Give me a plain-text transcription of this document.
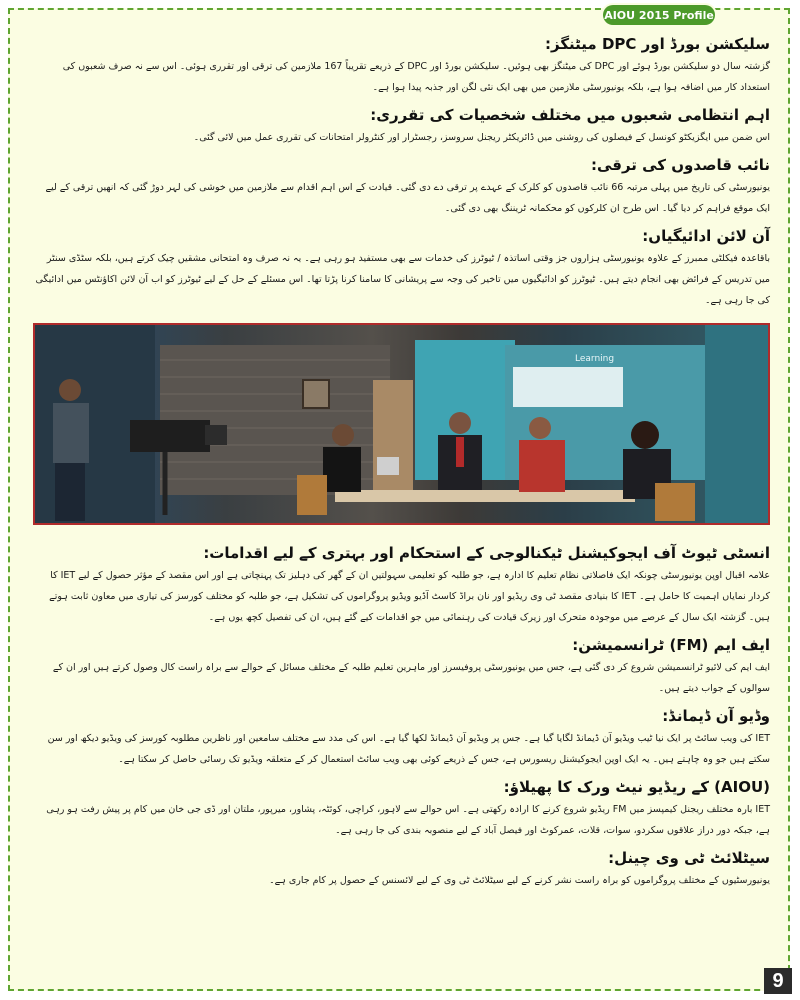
AIOU 2015 Profile
سلیکشن بورڈ اور DPC میٹنگز:

گزشتہ سال دو سلیکشن بورڈ ہوئے اور DPC کی میٹنگز بھی ہوئیں۔ سلیکشن بورڈ اور DPC کے ذریعے تقریباً 167 ملازمین کی ترقی اور تقرری ہوئی۔ اس سے نہ صرف شعبوں کی استعداد کار میں اضافہ ہوا ہے، بلکہ یونیورسٹی ملازمین میں بھی ایک نئی لگن اور جذبہ پیدا ہوا ہے۔

اہم انتظامی شعبوں میں مختلف شخصیات کی تقرری:

اس ضمن میں ایگزیکٹو کونسل کے فیصلوں کی روشنی میں ڈائریکٹر ریجنل سروسز، رجسٹرار اور کنٹرولر امتحانات کی تقرری عمل میں لائی گئی۔

نائب قاصدوں کی ترقی:

یونیورسٹی کی تاریخ میں پہلی مرتبہ 66 نائب قاصدوں کو کلرک کے عہدے پر ترقی دے دی گئی۔ قیادت کے اس اہم اقدام سے ملازمین میں خوشی کی لہر دوڑ گئی کہ انھیں ترقی کے لیے ایک موقع فراہم کر دیا گیا۔ اس طرح ان کلرکوں کو محکمانہ ٹریننگ بھی دی گئی۔

آن لائن ادائیگیاں:

باقاعدہ فیکلٹی ممبرز کے علاوہ یونیورسٹی ہزاروں جز وقتی اساتذہ / ٹیوٹرز کی خدمات سے بھی مستفید ہو رہی ہے۔ یہ نہ صرف وہ امتحانی مشقیں چیک کرتے ہیں، بلکہ سٹڈی سنٹر میں تدریس کے فرائض بھی انجام دیتے ہیں۔ ٹیوٹرز کو ادائیگیوں میں تاخیر کی وجہ سے پریشانی کا سامنا کرنا پڑتا تھا۔ اس مسئلے کے حل کے لیے ٹیوٹرز کو اب آن لائن اکاؤنٹس میں ادائیگی کی جا رہی ہے۔

Learning
انسٹی ٹیوٹ آف ایجوکیشنل ٹیکنالوجی کے استحکام اور بہتری کے لیے اقدامات:

علامہ اقبال اوپن یونیورسٹی چونکہ ایک فاصلاتی نظام تعلیم کا ادارہ ہے، جو طلبہ کو تعلیمی سہولتیں ان کے گھر کی دہلیز تک پہنچاتی ہے اور اس مقصد کے مؤثر حصول کے لیے IET کا کردار نمایاں اہمیت کا حامل ہے۔ IET کا بنیادی مقصد ٹی وی ریڈیو اور نان براڈ کاسٹ آڈیو ویڈیو پروگراموں کی تشکیل ہے، جو طلبہ کو مختلف کورسز کی تیاری میں معاون ثابت ہوتے ہیں۔ گزشتہ ایک سال کے عرصے میں موجودہ متحرک اور زیرک قیادت کی رہنمائی میں جو اقدامات کیے گئے ہیں، ان کی تفصیل کچھ یوں ہے۔

ایف ایم (FM) ٹرانسمیشن:

ایف ایم کی لائیو ٹرانسمیشن شروع کر دی گئی ہے، جس میں یونیورسٹی پروفیسرز اور ماہرین تعلیم طلبہ کے مختلف مسائل کے حوالے سے براہ راست کال وصول کرتے ہیں اور ان کے سوالوں کے جواب دیتے ہیں۔

وڈیو آن ڈیمانڈ:

IET کی ویب سائٹ پر ایک نیا ٹیب ویڈیو آن ڈیمانڈ لگایا گیا ہے۔ جس پر ویڈیو آن ڈیمانڈ لکھا گیا ہے۔ اس کی مدد سے مختلف سامعین اور ناظرین مطلوبہ کورسز کی ویڈیو دیکھ اور سن سکتے ہیں جو وہ چاہتے ہیں۔ یہ ایک اوپن ایجوکیشنل ریسورس ہے، جس کے ذریعے کوئی بھی ویب سائٹ استعمال کر کے متعلقہ ویڈیو تک رسائی حاصل کر سکتا ہے۔

(AIOU) کے ریڈیو نیٹ ورک کا پھیلاؤ:

IET بارہ مختلف ریجنل کیمپسز میں FM ریڈیو شروع کرنے کا ارادہ رکھتی ہے۔ اس حوالے سے لاہور، کراچی، کوئٹہ، پشاور، میرپور، ملتان اور ڈی جی خان میں کام پر پیش رفت ہو رہی ہے، جبکہ دور دراز علاقوں سکردو، سوات، قلات، عمرکوٹ اور فیصل آباد کے لیے منصوبہ بندی کی جا رہی ہے۔

سیٹلائٹ ٹی وی چینل:

یونیورسٹیوں کے مختلف پروگراموں کو براہ راست نشر کرنے کے لیے سیٹلائٹ ٹی وی کے لیے لائسنس کے حصول پر کام جاری ہے۔

9
